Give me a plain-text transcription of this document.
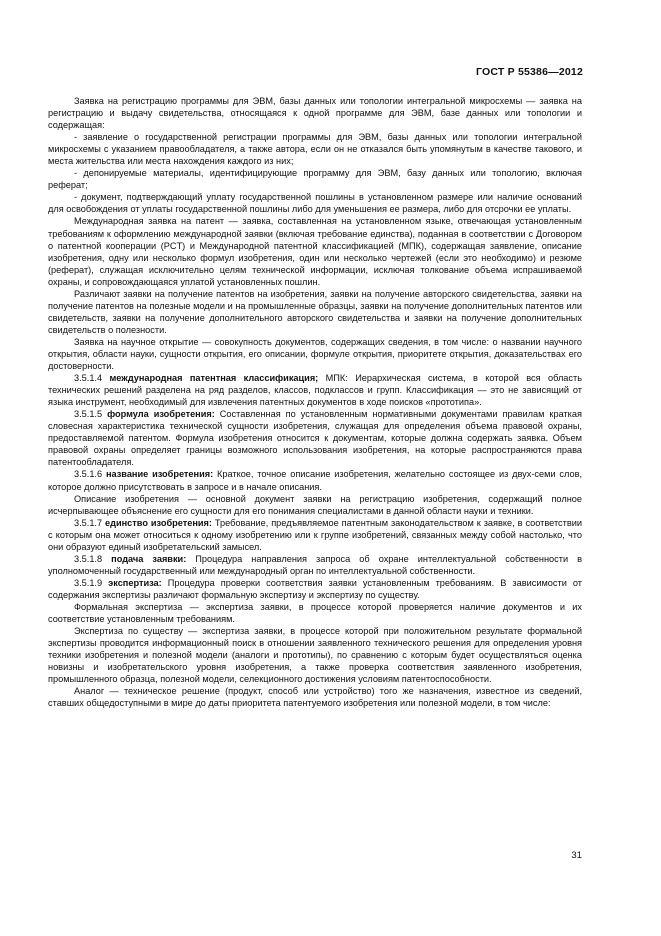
ГОСТ Р 55386—2012

Заявка на регистрацию программы для ЭВМ, базы данных или топологии интегральной микросхемы — заявка на регистрацию и выдачу свидетельства, относящаяся к одной программе для ЭВМ, базе данных или топологии и содержащая:

- заявление о государственной регистрации программы для ЭВМ, базы данных или топологии интегральной микросхемы с указанием правообладателя, а также автора, если он не отказался быть упомянутым в качестве такового, и места жительства или места нахождения каждого из них;

- депонируемые материалы, идентифицирующие программу для ЭВМ, базу данных или топологию, включая реферат;

- документ, подтверждающий уплату государственной пошлины в установленном размере или наличие оснований для освобождения от уплаты государственной пошлины либо для уменьшения ее размера, либо для отсрочки ее уплаты.

Международная заявка на патент — заявка, составленная на установленном языке, отвечающая установленным требованиям к оформлению международной заявки (включая требование единства), поданная в соответствии с Договором о патентной кооперации (PCT) и Международной патентной классификацией (МПК), содержащая заявление, описание изобретения, одну или несколько формул изобретения, один или несколько чертежей (если это необходимо) и резюме (реферат), служащая исключительно целям технической информации, исключая толкование объема испрашиваемой охраны, и сопровождающаяся уплатой установленных пошлин.

Различают заявки на получение патентов на изобретения, заявки на получение авторского свидетельства, заявки на получение патентов на полезные модели и на промышленные образцы, заявки на получение дополнительных патентов или свидетельств, заявки на получение дополнительного авторского свидетельства и заявки на получение дополнительных свидетельств о полезности.

Заявка на научное открытие — совокупность документов, содержащих сведения, в том числе: о названии научного открытия, области науки, сущности открытия, его описании, формуле открытия, приоритете открытия, доказательствах его достоверности.

3.5.1.4 международная патентная классификация; МПК: Иерархическая система, в которой вся область технических решений разделена на ряд разделов, классов, подклассов и групп. Классификация — это не зависящий от языка инструмент, необходимый для извлечения патентных документов в ходе поисков «прототипа».

3.5.1.5 формула изобретения: Составленная по установленным нормативными документами правилам краткая словесная характеристика технической сущности изобретения, служащая для определения объема правовой охраны, предоставляемой патентом. Формула изобретения относится к документам, которые должна содержать заявка. Объем правовой охраны определяет границы возможного использования изобретения, на которые распространяются права патентообладателя.

3.5.1.6 название изобретения: Краткое, точное описание изобретения, желательно состоящее из двух-семи слов, которое должно присутствовать в запросе и в начале описания.

Описание изобретения — основной документ заявки на регистрацию изобретения, содержащий полное исчерпывающее объяснение его сущности для его понимания специалистами в данной области науки и техники.

3.5.1.7 единство изобретения: Требование, предъявляемое патентным законодательством к заявке, в соответствии с которым она может относиться к одному изобретению или к группе изобретений, связанных между собой настолько, что они образуют единый изобретательский замысел.

3.5.1.8 подача заявки: Процедура направления запроса об охране интеллектуальной собственности в уполномоченный государственный или международный орган по интеллектуальной собственности.

3.5.1.9 экспертиза: Процедура проверки соответствия заявки установленным требованиям. В зависимости от содержания экспертизы различают формальную экспертизу и экспертизу по существу.

Формальная экспертиза — экспертиза заявки, в процессе которой проверяется наличие документов и их соответствие установленным требованиям.

Экспертиза по существу — экспертиза заявки, в процессе которой при положительном результате формальной экспертизы проводится информационный поиск в отношении заявленного технического решения для определения уровня техники изобретения и полезной модели (аналоги и прототипы), по сравнению с которым будет осуществляться оценка новизны и изобретательского уровня изобретения, а также проверка соответствия заявленного изобретения, промышленного образца, полезной модели, селекционного достижения условиям патентоспособности.

Аналог — техническое решение (продукт, способ или устройство) того же назначения, известное из сведений, ставших общедоступными в мире до даты приоритета патентуемого изобретения или полезной модели, в том числе:

31
